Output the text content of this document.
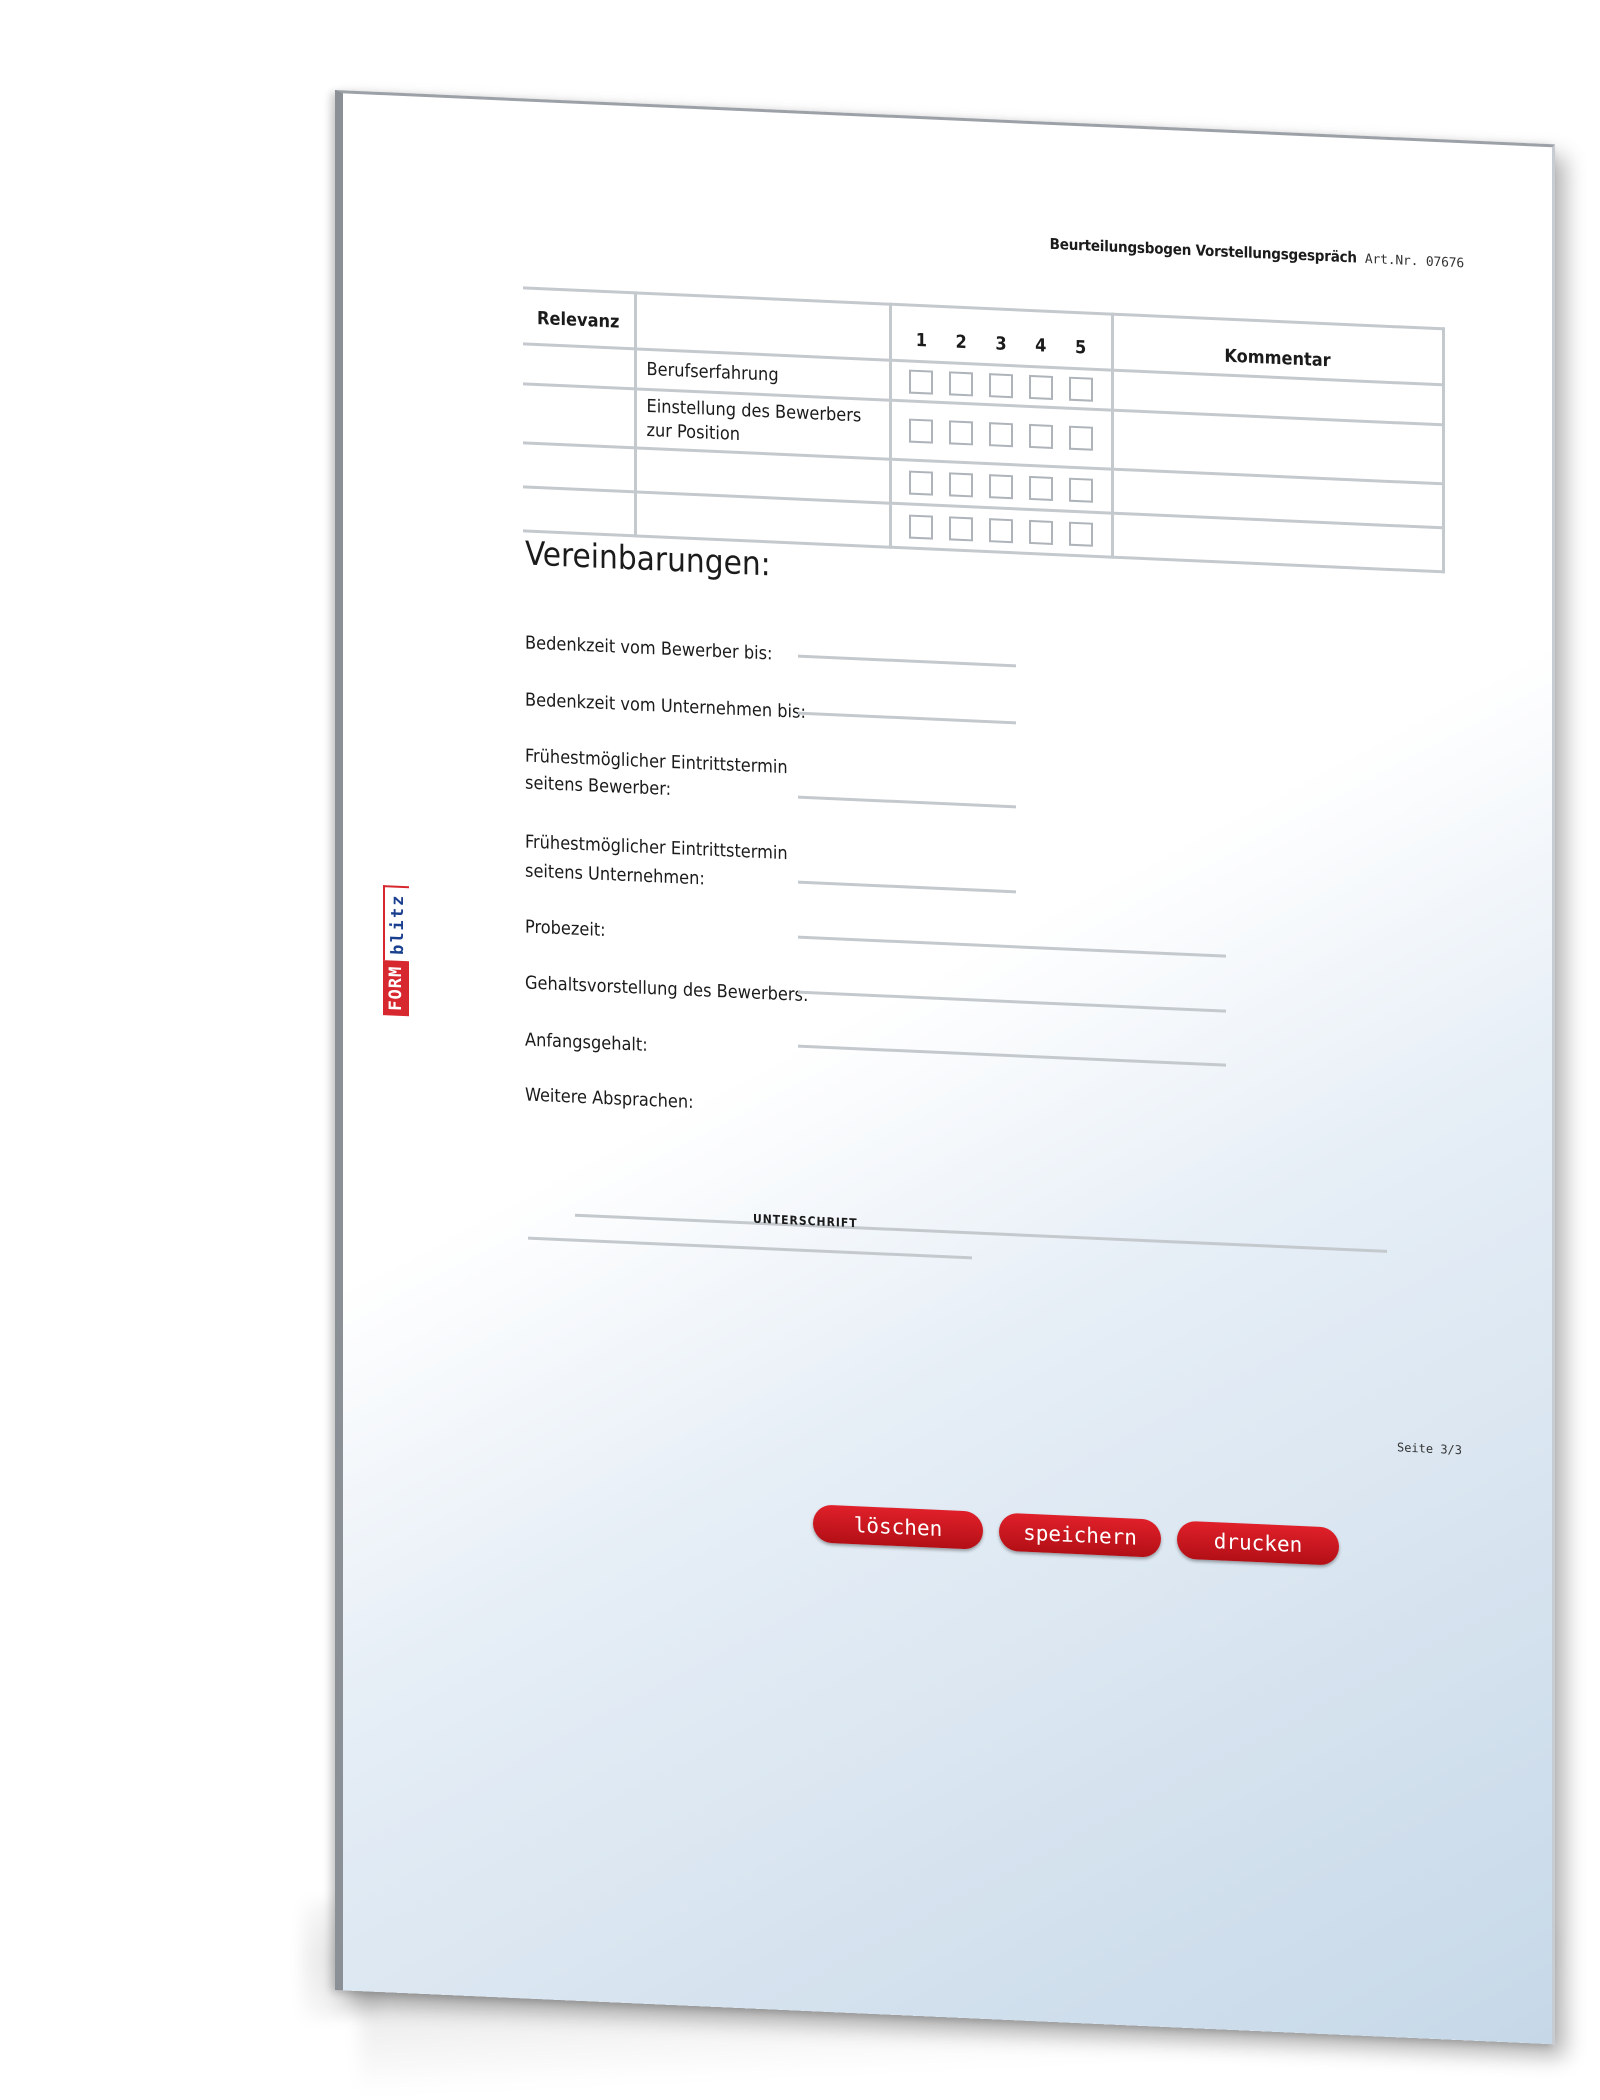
Beurteilungsbogen Vorstellungsgespräch Art.Nr. 07676
FORM
blitz
Relevanz		1 2 3 4 5	Kommentar

	Berufserfahrung		

	Einstellung des Bewerbers zur Position		

Vereinbarungen:
Bedenkzeit vom Bewerber bis:
Bedenkzeit vom Unternehmen bis:
Frühestmöglicher Eintrittstermin
seitens Bewerber:
Frühestmöglicher Eintrittstermin
seitens Unternehmen:
Probezeit:
Gehaltsvorstellung des Bewerbers:
Anfangsgehalt:
Weitere Absprachen:
UNTERSCHRIFT
Seite 3/3
löschen	speichern	drucken
